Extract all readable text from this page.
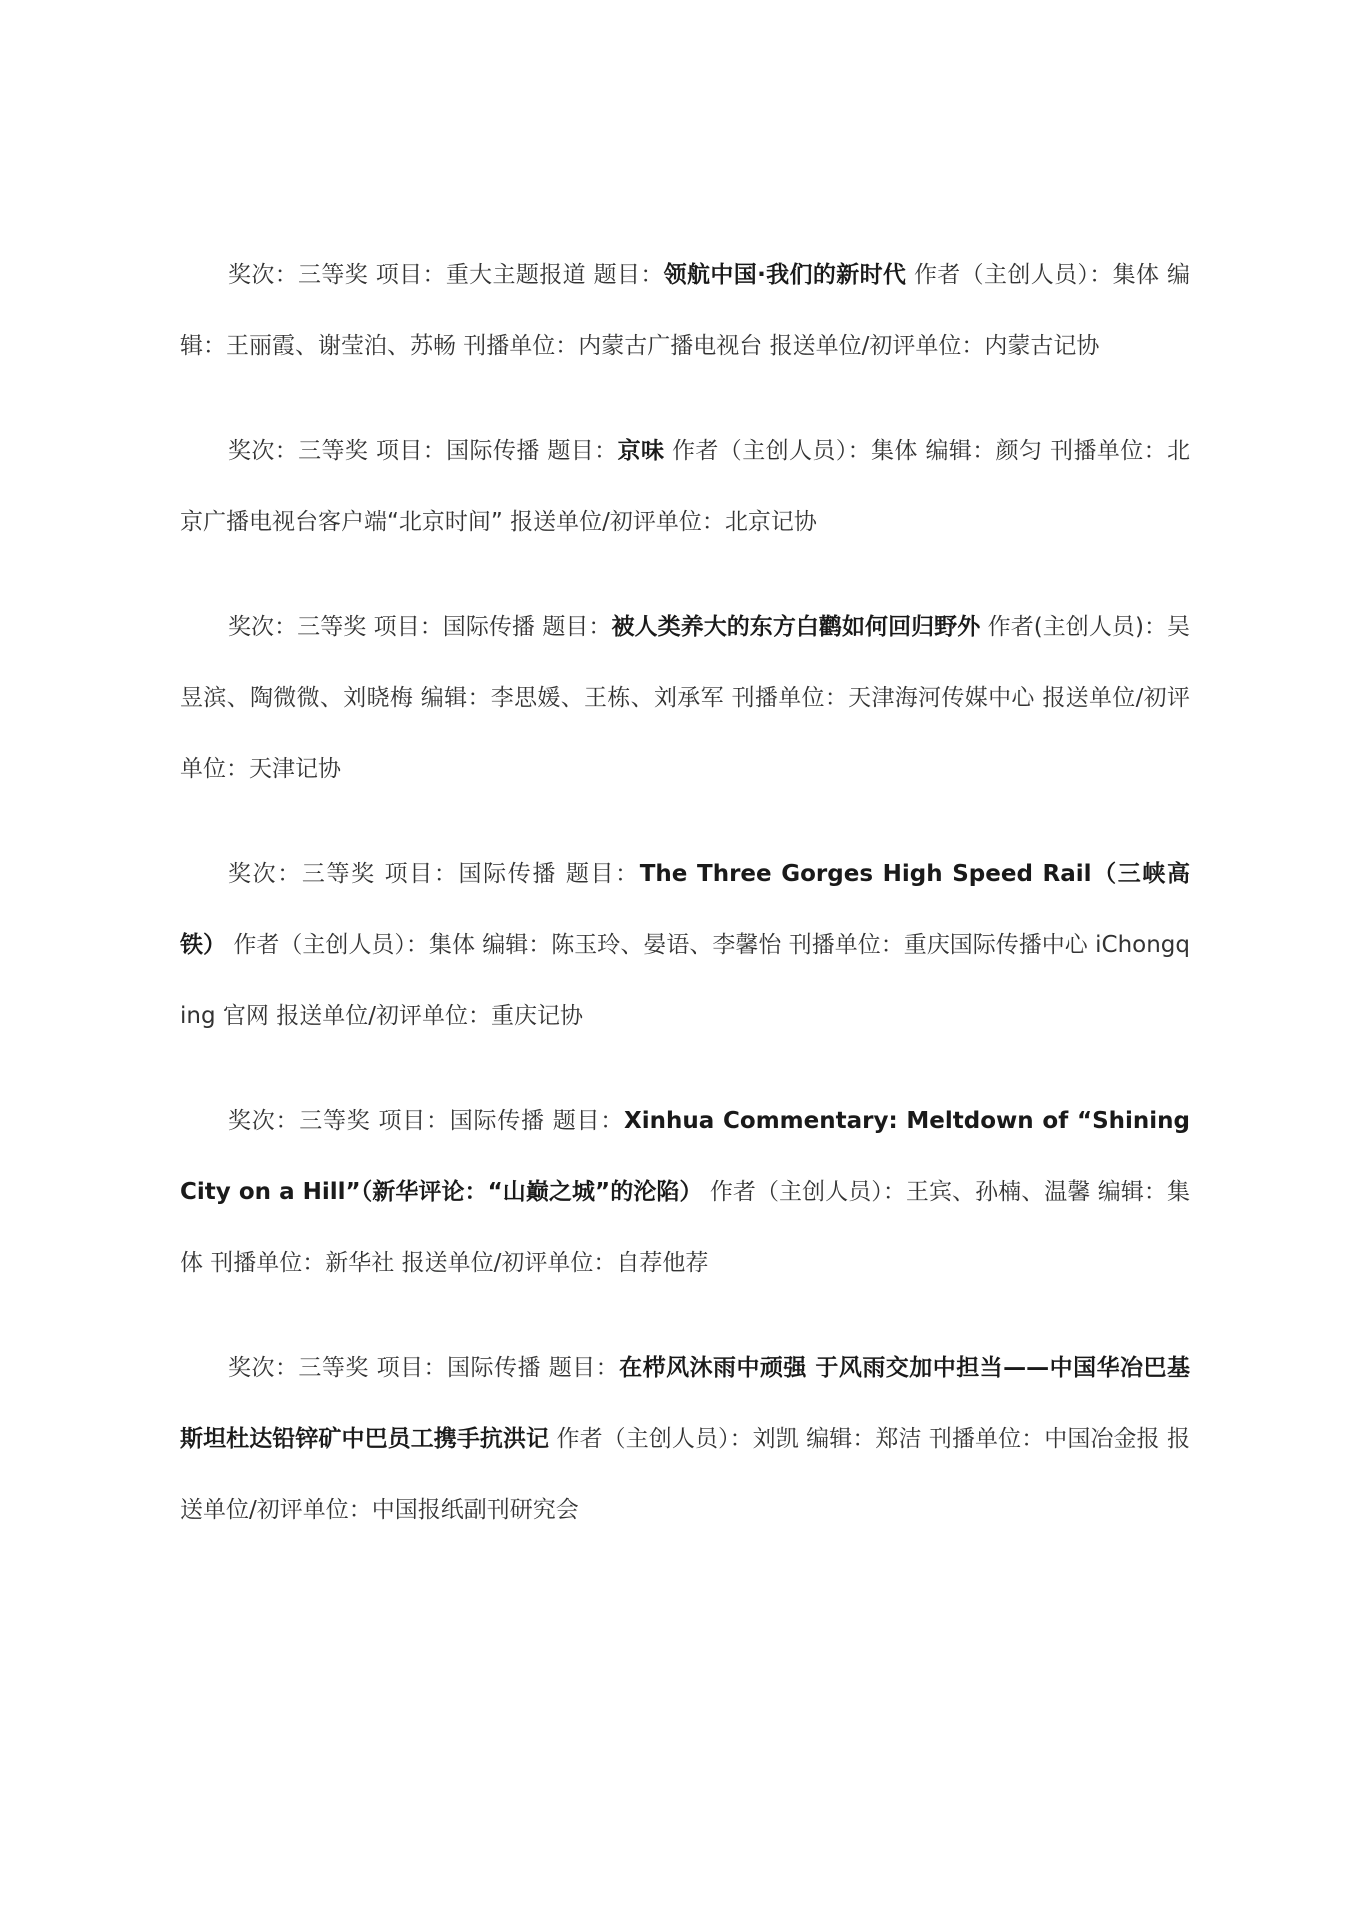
奖次：三等奖 项目：重大主题报道 题目：领航中国·我们的新时代 作者（主创人员）：集体 编辑：王丽霞、谢莹泊、苏畅 刊播单位：内蒙古广播电视台 报送单位/初评单位：内蒙古记协

奖次：三等奖 项目：国际传播 题目：京味 作者（主创人员）：集体 编辑：颜匀 刊播单位：北京广播电视台客户端“北京时间” 报送单位/初评单位：北京记协

奖次：三等奖 项目：国际传播 题目：被人类养大的东方白鹳如何回归野外 作者(主创人员)：吴昱滨、陶微微、刘晓梅 编辑：李思媛、王栋、刘承军 刊播单位：天津海河传媒中心 报送单位/初评单位：天津记协

奖次：三等奖 项目：国际传播 题目：The Three Gorges High Speed Rail（三峡高铁） 作者（主创人员）：集体 编辑：陈玉玲、晏语、李馨怡 刊播单位：重庆国际传播中心 iChongqing 官网 报送单位/初评单位：重庆记协

奖次：三等奖 项目：国际传播 题目：Xinhua Commentary: Meltdown of “Shining City on a Hill”（新华评论：“山巅之城”的沦陷） 作者（主创人员）：王宾、孙楠、温馨 编辑：集体 刊播单位：新华社 报送单位/初评单位：自荐他荐

奖次：三等奖 项目：国际传播 题目：在栉风沐雨中顽强 于风雨交加中担当——中国华冶巴基斯坦杜达铅锌矿中巴员工携手抗洪记 作者（主创人员）：刘凯 编辑：郑洁 刊播单位：中国冶金报 报送单位/初评单位：中国报纸副刊研究会
